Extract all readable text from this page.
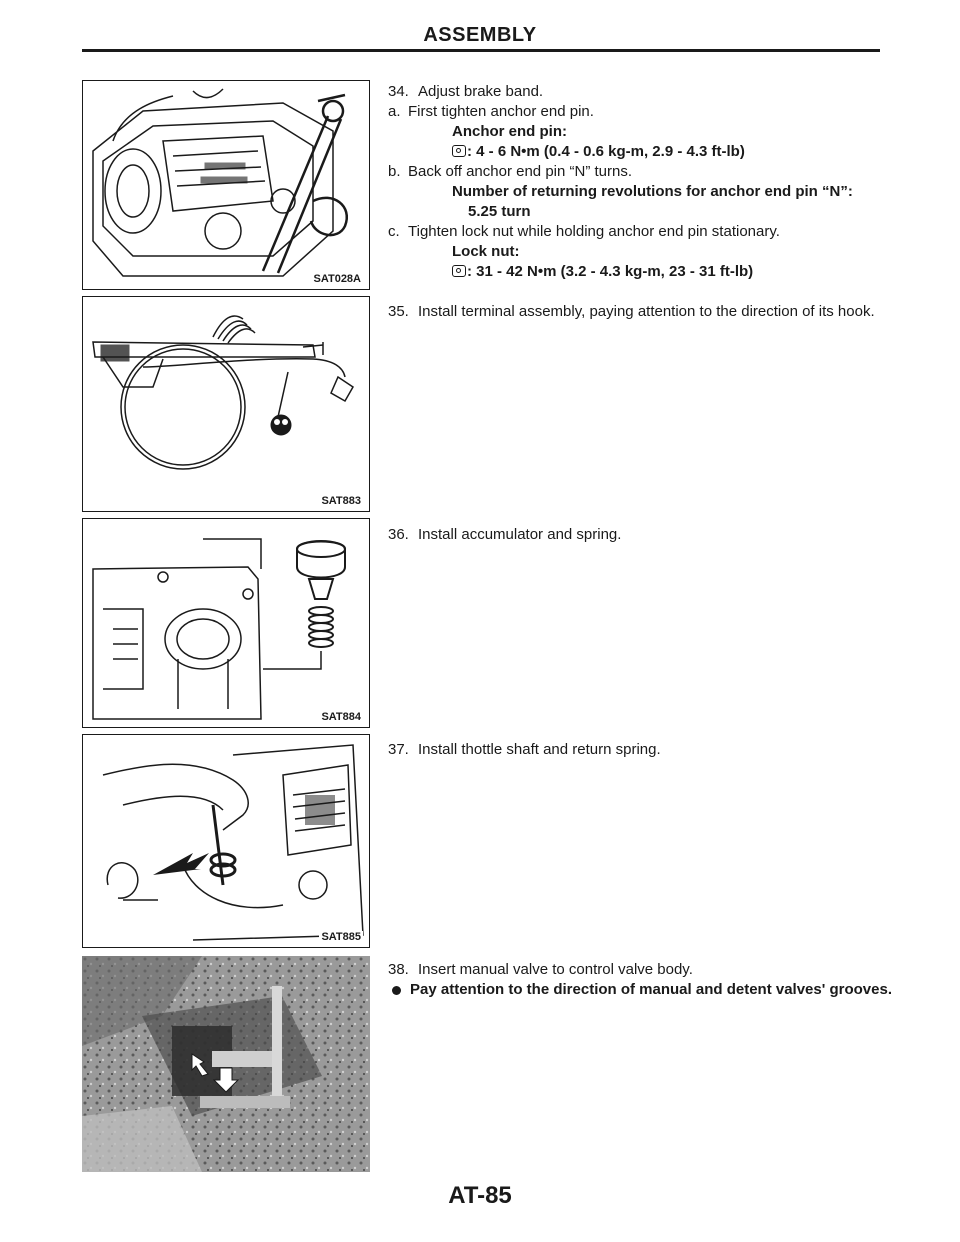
ASSEMBLY
SAT028A
SAT883
SAT884
SAT885

34. Adjust brake band.

a. First tighten anchor end pin.

Anchor end pin:

: 4 - 6 N•m (0.4 - 0.6 kg-m, 2.9 - 4.3 ft-lb)

b. Back off anchor end pin “N” turns.

Number of returning revolutions for anchor end pin “N”:

5.25 turn

c. Tighten lock nut while holding anchor end pin stationary.

Lock nut:

: 31 - 42 N•m (3.2 - 4.3 kg-m, 23 - 31 ft-lb)

35. Install terminal assembly, paying attention to the direction of its hook.

36. Install accumulator and spring.

37. Install thottle shaft and return spring.

38. Insert manual valve to control valve body.

Pay attention to the direction of manual and detent valves' grooves.

AT-85
